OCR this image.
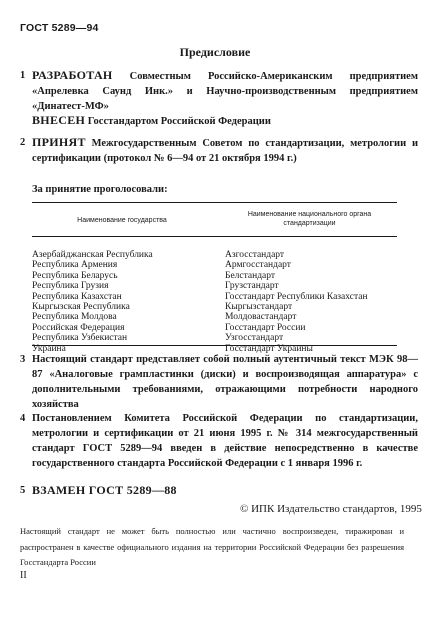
ГОСТ 5289—94
Предисловие
1 РАЗРАБОТАН Совместным Российско-Американским предприятием «Апрелевка Саунд Инк.» и Научно-производственным предприятием «Динатест-МФ»
ВНЕСЕН Госстандартом Российской Федерации
2 ПРИНЯТ Межгосударственным Советом по стандартизации, метрологии и сертификации (протокол № 6—94 от 21 октября 1994 г.)
За принятие проголосовали:
Наименование государства
Наименование национального органа стандартизации
Азербайджанская Республика
Республика Армения
Республика Беларусь
Республика Грузия
Республика Казахстан
Кыргызская Республика
Республика Молдова
Российская Федерация
Республика Узбекистан
Украина
Азгосстандарт
Армгосстандарт
Белстандарт
Грузстандарт
Госстандарт Республики Казахстан
Кыргызстандарт
Молдовастандарт
Госстандарт России
Узгосстандарт
Госстандарт Украины
3 Настоящий стандарт представляет собой полный аутентичный текст МЭК 98—87 «Аналоговые грампластинки (диски) и воспроизводящая аппаратура» с дополнительными требованиями, отражающими потребности народного хозяйства
4 Постановлением Комитета Российской Федерации по стандартизации, метрологии и сертификации от 21 июня 1995 г. № 314 межгосударственный стандарт ГОСТ 5289—94 введен в действие непосредственно в качестве государственного стандарта Российской Федерации с 1 января 1996 г.
5 ВЗАМЕН ГОСТ 5289—88
© ИПК Издательство стандартов, 1995
Настоящий стандарт не может быть полностью или частично воспроизведен, тиражирован и распространен в качестве официального издания на территории Российской Федерации без разрешения Госстандарта России
II
